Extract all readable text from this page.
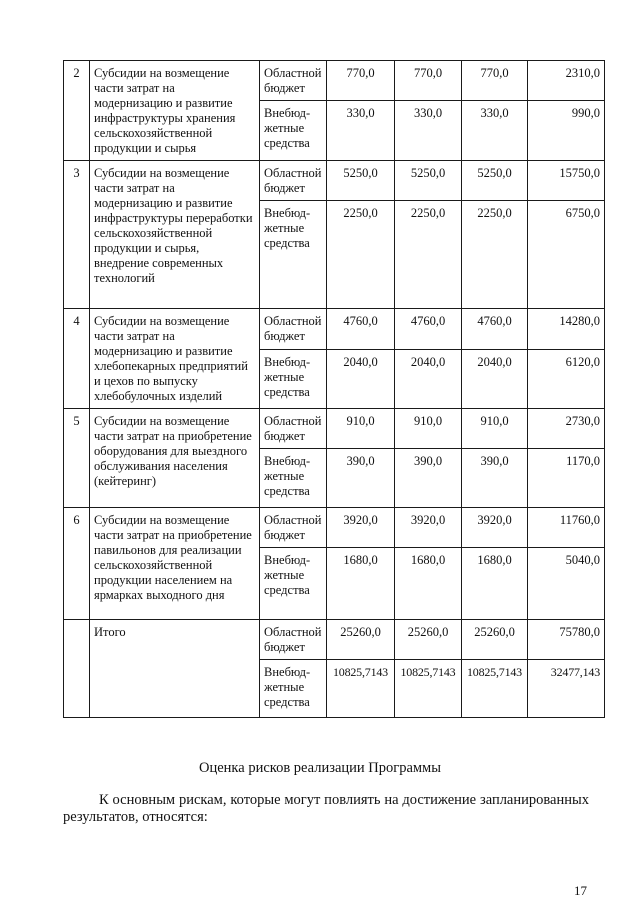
2	Субсидии на возмещение части затрат на модернизацию и развитие инфраструктуры хранения сельскохозяйственной продукции и сырья	Областной бюджет	770,0	770,0	770,0	2310,0
		Внебюд-жетные средства	330,0	330,0	330,0	990,0
3	Субсидии на возмещение части затрат на модернизацию и развитие инфраструктуры переработки сельскохозяйственной продукции и сырья, внедрение современных технологий	Областной бюджет	5250,0	5250,0	5250,0	15750,0
		Внебюд-жетные средства	2250,0	2250,0	2250,0	6750,0
4	Субсидии на возмещение части затрат на модернизацию и развитие хлебопекарных предприятий и цехов по выпуску хлебобулочных изделий	Областной бюджет	4760,0	4760,0	4760,0	14280,0
		Внебюд-жетные средства	2040,0	2040,0	2040,0	6120,0
5	Субсидии на возмещение части затрат на приобретение оборудования для выездного обслуживания населения (кейтеринг)	Областной бюджет	910,0	910,0	910,0	2730,0
		Внебюд-жетные средства	390,0	390,0	390,0	1170,0
6	Субсидии на возмещение части затрат на приобретение павильонов для реализации сельскохозяйственной продукции населением на ярмарках выходного дня	Областной бюджет	3920,0	3920,0	3920,0	11760,0
		Внебюд-жетные средства	1680,0	1680,0	1680,0	5040,0
	Итого	Областной бюджет	25260,0	25260,0	25260,0	75780,0
		Внебюд-жетные средства	10825,7143	10825,7143	10825,7143	32477,143
Оценка рисков реализации Программы
К основным рискам, которые могут повлиять на достижение запланированных
результатов, относятся:
17
